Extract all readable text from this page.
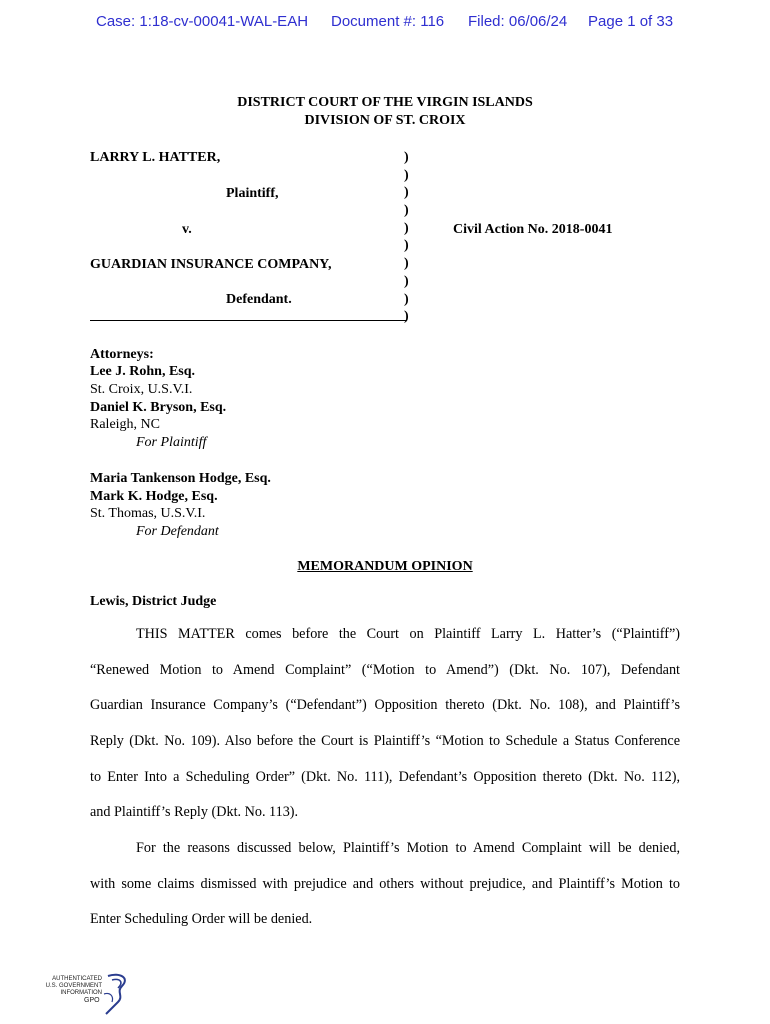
Case: 1:18-cv-00041-WAL-EAH Document #: 116 Filed: 06/06/24 Page 1 of 33
DISTRICT COURT OF THE VIRGIN ISLANDS
DIVISION OF ST. CROIX
LARRY L. HATTER,
Plaintiff,
v.
GUARDIAN INSURANCE COMPANY,
Defendant.
Civil Action No. 2018-0041
)
)
)
)
)
)
)
)
)
)
Attorneys:
Lee J. Rohn, Esq.
St. Croix, U.S.V.I.
Daniel K. Bryson, Esq.
Raleigh, NC
For Plaintiff
Maria Tankenson Hodge, Esq.
Mark K. Hodge, Esq.
St. Thomas, U.S.V.I.
For Defendant
MEMORANDUM OPINION
Lewis, District Judge
THIS MATTER comes before the Court on Plaintiff Larry L. Hatter’s (“Plaintiff”)
“Renewed Motion to Amend Complaint” (“Motion to Amend”) (Dkt. No. 107), Defendant
Guardian Insurance Company’s (“Defendant”) Opposition thereto (Dkt. No. 108), and Plaintiff’s
Reply (Dkt. No. 109). Also before the Court is Plaintiff’s “Motion to Schedule a Status Conference
to Enter Into a Scheduling Order” (Dkt. No. 111), Defendant’s Opposition thereto (Dkt. No. 112),
and Plaintiff’s Reply (Dkt. No. 113).
For the reasons discussed below, Plaintiff’s Motion to Amend Complaint will be denied,
with some claims dismissed with prejudice and others without prejudice, and Plaintiff’s Motion to
Enter Scheduling Order will be denied.
AUTHENTICATED
U.S. GOVERNMENT
INFORMATION
GPO
